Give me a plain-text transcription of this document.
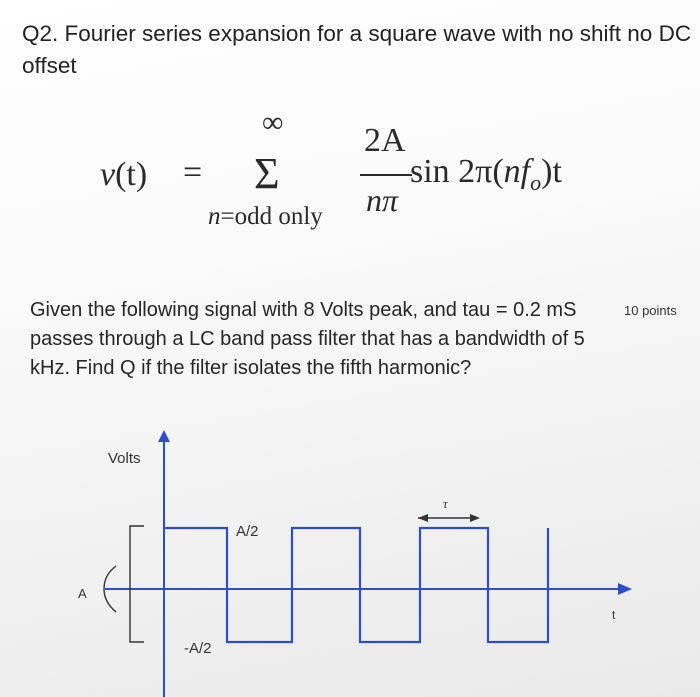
Q2. Fourier series expansion for a square wave with no shift no DC offset
v(t) =
∞
Σ
n=odd only
2A
nπ
$\sin 2\pi(nf_o)t$
Given the following signal with 8 Volts peak, and tau = 0.2 mS passes through a LC band pass filter that has a bandwidth of 5 kHz. Find Q if the filter isolates the fifth harmonic?
10 points
Volts
A/2
-A/2
A
t
τ
